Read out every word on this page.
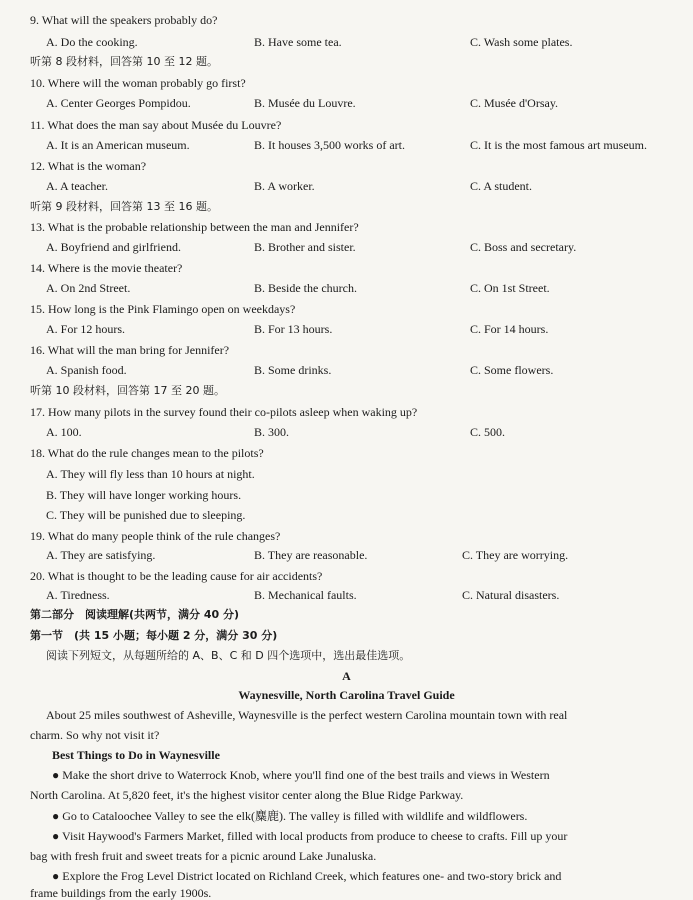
9. What will the speakers probably do?
A. Do the cooking.	B. Have some tea.	C. Wash some plates.
听第 8 段材料，回答第 10 至 12 题。
10. Where will the woman probably go first?
A. Center Georges Pompidou.	B. Musée du Louvre.	C. Musée d'Orsay.
11. What does the man say about Musée du Louvre?
A. It is an American museum.	B. It houses 3,500 works of art.	C. It is the most famous art museum.
12. What is the woman?
A. A teacher.	B. A worker.	C. A student.
听第 9 段材料，回答第 13 至 16 题。
13. What is the probable relationship between the man and Jennifer?
A. Boyfriend and girlfriend.	B. Brother and sister.	C. Boss and secretary.
14. Where is the movie theater?
A. On 2nd Street.	B. Beside the church.	C. On 1st Street.
15. How long is the Pink Flamingo open on weekdays?
A. For 12 hours.	B. For 13 hours.	C. For 14 hours.
16. What will the man bring for Jennifer?
A. Spanish food.	B. Some drinks.	C. Some flowers.
听第 10 段材料，回答第 17 至 20 题。
17. How many pilots in the survey found their co-pilots asleep when waking up?
A. 100.	B. 300.	C. 500.
18. What do the rule changes mean to the pilots?
A. They will fly less than 10 hours at night.
B. They will have longer working hours.
C. They will be punished due to sleeping.
19. What do many people think of the rule changes?
A. They are satisfying.	B. They are reasonable.	C. They are worrying.
20. What is thought to be the leading cause for air accidents?
A. Tiredness.	B. Mechanical faults.	C. Natural disasters.
第二部分　阅读理解(共两节，满分 40 分)
第一节　(共 15 小题；每小题 2 分，满分 30 分)
阅读下列短文，从每题所给的 A、B、C 和 D 四个选项中，选出最佳选项。
A
Waynesville, North Carolina Travel Guide
About 25 miles southwest of Asheville, Waynesville is the perfect western Carolina mountain town with real
charm. So why not visit it?
Best Things to Do in Waynesville
● Make the short drive to Waterrock Knob, where you'll find one of the best trails and views in Western
North Carolina. At 5,820 feet, it's the highest visitor center along the Blue Ridge Parkway.
● Go to Cataloochee Valley to see the elk(麋鹿). The valley is filled with wildlife and wildflowers.
● Visit Haywood's Farmers Market, filled with local products from produce to cheese to crafts. Fill up your
bag with fresh fruit and sweet treats for a picnic around Lake Junaluska.
● Explore the Frog Level District located on Richland Creek, which features one- and two-story brick and
frame buildings from the early 1900s.
